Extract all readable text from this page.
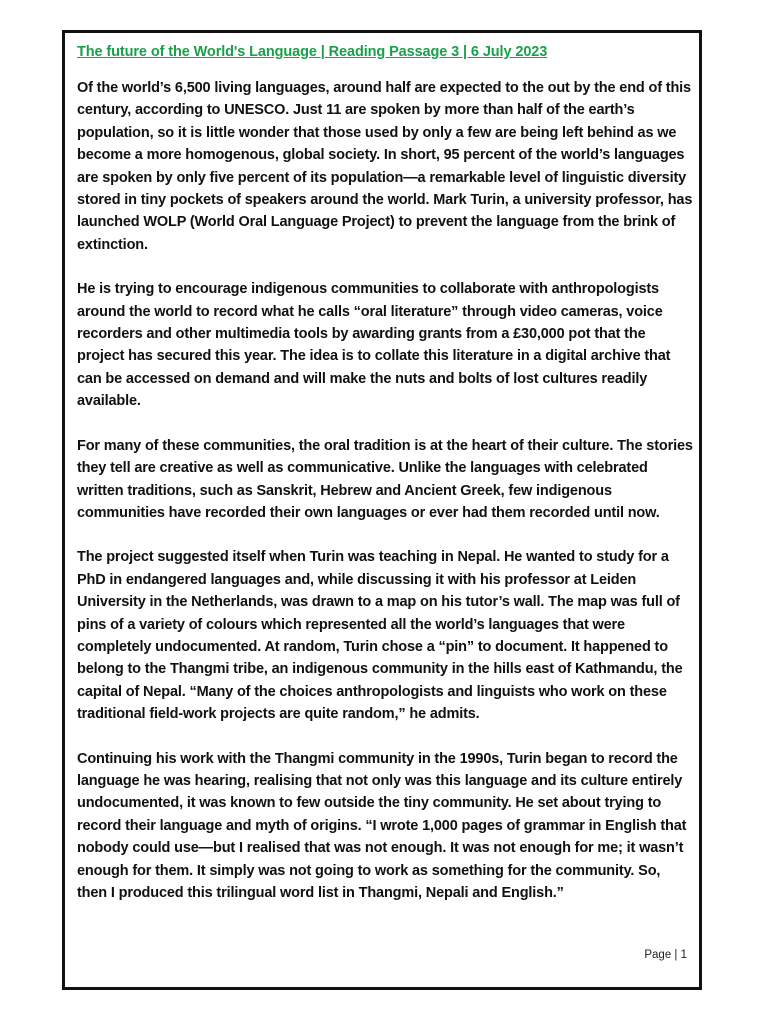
The future of the World's Language | Reading Passage 3 | 6 July 2023

Of the world’s 6,500 living languages, around half are expected to the out by the end of this century, according to UNESCO. Just 11 are spoken by more than half of the earth’s population, so it is little wonder that those used by only a few are being left behind as we become a more homogenous, global society. In short, 95 percent of the world’s languages are spoken by only five percent of its population—a remarkable level of linguistic diversity stored in tiny pockets of speakers around the world. Mark Turin, a university professor, has launched WOLP (World Oral Language Project) to prevent the language from the brink of extinction.

He is trying to encourage indigenous communities to collaborate with anthropologists around the world to record what he calls “oral literature” through video cameras, voice recorders and other multimedia tools by awarding grants from a £30,000 pot that the project has secured this year. The idea is to collate this literature in a digital archive that can be accessed on demand and will make the nuts and bolts of lost cultures readily available.

For many of these communities, the oral tradition is at the heart of their culture. The stories they tell are creative as well as communicative. Unlike the languages with celebrated written traditions, such as Sanskrit, Hebrew and Ancient Greek, few indigenous communities have recorded their own languages or ever had them recorded until now.

The project suggested itself when Turin was teaching in Nepal. He wanted to study for a PhD in endangered languages and, while discussing it with his professor at Leiden University in the Netherlands, was drawn to a map on his tutor’s wall. The map was full of pins of a variety of colours which represented all the world’s languages that were completely undocumented. At random, Turin chose a “pin” to document. It happened to belong to the Thangmi tribe, an indigenous community in the hills east of Kathmandu, the capital of Nepal. “Many of the choices anthropologists and linguists who work on these traditional field-work projects are quite random,” he admits.

Continuing his work with the Thangmi community in the 1990s, Turin began to record the language he was hearing, realising that not only was this language and its culture entirely undocumented, it was known to few outside the tiny community. He set about trying to record their language and myth of origins. “I wrote 1,000 pages of grammar in English that nobody could use—but I realised that was not enough. It was not enough for me; it wasn’t enough for them. It simply was not going to work as something for the community. So, then I produced this trilingual word list in Thangmi, Nepali and English.”

Page | 1
